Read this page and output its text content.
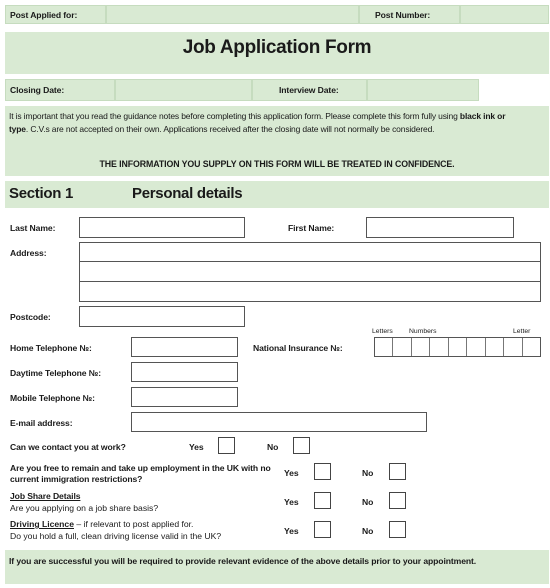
Post Applied for:	Post Number:
Job Application Form
Closing Date:	Interview Date:
It is important that you read the guidance notes before completing this application form. Please complete this form fully using black ink or
type. C.V.s are not accepted on their own. Applications received after the closing date will not normally be considered.
THE INFORMATION YOU SUPPLY ON THIS FORM WILL BE TREATED IN CONFIDENCE.
Section 1	Personal details
Last Name:	First Name:
Address:
Postcode:
Letters Numbers	Letter
Home Telephone №:	National Insurance №:
Daytime Telephone №:
Mobile Telephone №:
E-mail address:
Can we contact you at work?	Yes	No
Are you free to remain and take up employment in the UK with no
current immigration restrictions?
Yes	No
Job Share Details
Are you applying on a job share basis?
Yes	No
Driving Licence – if relevant to post applied for.
Do you hold a full, clean driving license valid in the UK?	Yes	No
If you are successful you will be required to provide relevant evidence of the above details prior to your appointment.
